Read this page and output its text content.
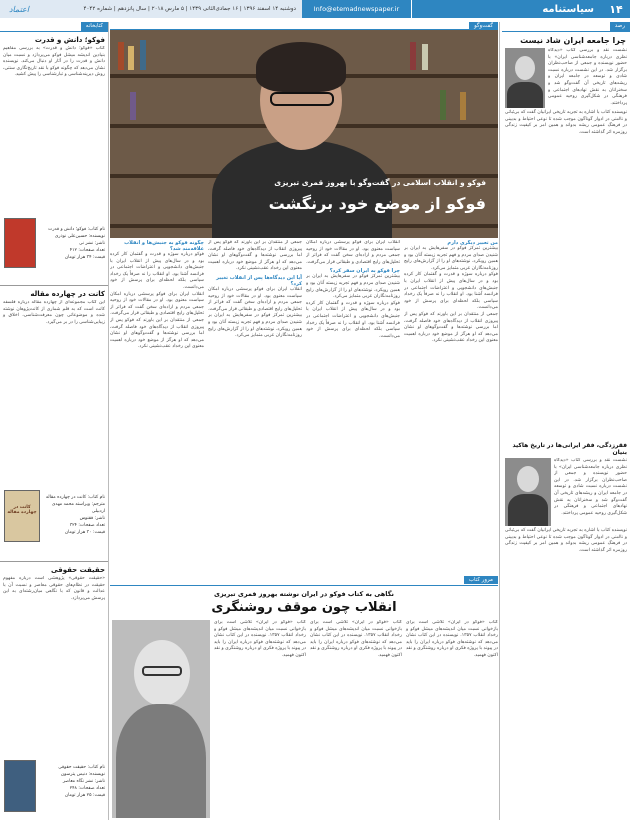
۱۴
سیاستنامه
Info@etemadnewspaper.ir
دوشنبه ۱۴ اسفند ۱۳۹۶ | ۱۶ جمادی‌الثانی ۱۴۳۹ | ۵ مارس ۲۰۱۸ | سال پانزدهم | شماره ۴۰۴۲
اعتماد
رصد
چرا جامعه ایران شاد نیست
نشست نقد و بررسی کتاب «دیدگاه نظری درباره جامعه‌شناسی ایران» با حضور نویسنده و جمعی از صاحب‌نظران برگزار شد. در این نشست درباره نسبت شادی و توسعه در جامعه ایران و ریشه‌های تاریخی آن گفت‌وگو شد و سخنرانان به نقش نهادهای اجتماعی و فرهنگی در شکل‌گیری روحیه عمومی پرداختند.
نویسنده کتاب با اشاره به تجربه تاریخی ایرانیان گفت که بی‌ثباتی و ناامنی در ادوار گوناگون موجب شده تا نوعی احتیاط و بدبینی در فرهنگ عمومی ریشه بدواند و همین امر بر کیفیت زندگی روزمره اثر گذاشته است.
فقرزدگی، فقر ایرانی‌ها در تاریخ هاکید بنیان
نشست نقد و بررسی کتاب «دیدگاه نظری درباره جامعه‌شناسی ایران» با حضور نویسنده و جمعی از صاحب‌نظران برگزار شد. در این نشست درباره نسبت شادی و توسعه در جامعه ایران و ریشه‌های تاریخی آن گفت‌وگو شد و سخنرانان به نقش نهادهای اجتماعی و فرهنگی در شکل‌گیری روحیه عمومی پرداختند.
نویسنده کتاب با اشاره به تجربه تاریخی ایرانیان گفت که بی‌ثباتی و ناامنی در ادوار گوناگون موجب شده تا نوعی احتیاط و بدبینی در فرهنگ عمومی ریشه بدواند و همین امر بر کیفیت زندگی روزمره اثر گذاشته است.
گفت‌وگو
فوکو و انقلاب اسلامی در گفت‌وگو با بهروز قمری تبریزی
فوکو از موضع خود برنگشت
من تعبیر دیگری دارم
بیشترین تمرکز فوکو در سفرهایش به ایران بر شنیدن صدای مردم و فهم تجربه زیسته آنان بود و همین رویکرد، نوشته‌های او را از گزارش‌های رایج روزنامه‌نگاران غربی متمایز می‌کرد.
فوکو درباره سوژه و قدرت و گفتمان کار کرده بود و در سال‌های پیش از انقلاب ایران با جنبش‌های دانشجویی و اعتراضات اجتماعی در فرانسه آشنا بود. او انقلاب را نه صرفاً یک رخداد سیاسی بلکه لحظه‌ای برای پرسش از خود می‌دانست.
جمعی از منتقدان بر این باورند که فوکو پس از پیروزی انقلاب از دیدگاه‌های خود فاصله گرفت، اما بررسی نوشته‌ها و گفت‌وگوهای او نشان می‌دهد که او هرگز از موضع خود درباره اهمیت معنوی این رخداد عقب‌نشینی نکرد.
انقلاب ایران برای فوکو پرسشی درباره امکان سیاست معنوی بود. او در مقالات خود از روحیه جمعی مردم و اراده‌ای سخن گفت که فراتر از تحلیل‌های رایج اقتصادی و طبقاتی قرار می‌گرفت.
چرا فوکو به ایران سفر کرد؟
بیشترین تمرکز فوکو در سفرهایش به ایران بر شنیدن صدای مردم و فهم تجربه زیسته آنان بود و همین رویکرد، نوشته‌های او را از گزارش‌های رایج روزنامه‌نگاران غربی متمایز می‌کرد.
فوکو درباره سوژه و قدرت و گفتمان کار کرده بود و در سال‌های پیش از انقلاب ایران با جنبش‌های دانشجویی و اعتراضات اجتماعی در فرانسه آشنا بود. او انقلاب را نه صرفاً یک رخداد سیاسی بلکه لحظه‌ای برای پرسش از خود می‌دانست.
جمعی از منتقدان بر این باورند که فوکو پس از پیروزی انقلاب از دیدگاه‌های خود فاصله گرفت، اما بررسی نوشته‌ها و گفت‌وگوهای او نشان می‌دهد که او هرگز از موضع خود درباره اهمیت معنوی این رخداد عقب‌نشینی نکرد.
آیا این دیدگاه‌ها پس از انقلاب تغییر کرد؟
انقلاب ایران برای فوکو پرسشی درباره امکان سیاست معنوی بود. او در مقالات خود از روحیه جمعی مردم و اراده‌ای سخن گفت که فراتر از تحلیل‌های رایج اقتصادی و طبقاتی قرار می‌گرفت.
بیشترین تمرکز فوکو در سفرهایش به ایران بر شنیدن صدای مردم و فهم تجربه زیسته آنان بود و همین رویکرد، نوشته‌های او را از گزارش‌های رایج روزنامه‌نگاران غربی متمایز می‌کرد.
چگونه فوکو به جنبش‌ها و انقلاب علاقه‌مند شد؟
فوکو درباره سوژه و قدرت و گفتمان کار کرده بود و در سال‌های پیش از انقلاب ایران با جنبش‌های دانشجویی و اعتراضات اجتماعی در فرانسه آشنا بود. او انقلاب را نه صرفاً یک رخداد سیاسی بلکه لحظه‌ای برای پرسش از خود می‌دانست.
انقلاب ایران برای فوکو پرسشی درباره امکان سیاست معنوی بود. او در مقالات خود از روحیه جمعی مردم و اراده‌ای سخن گفت که فراتر از تحلیل‌های رایج اقتصادی و طبقاتی قرار می‌گرفت.
جمعی از منتقدان بر این باورند که فوکو پس از پیروزی انقلاب از دیدگاه‌های خود فاصله گرفت، اما بررسی نوشته‌ها و گفت‌وگوهای او نشان می‌دهد که او هرگز از موضع خود درباره اهمیت معنوی این رخداد عقب‌نشینی نکرد.
مرور کتاب
نگاهی به کتاب فوکو در ایران نوشته بهروز قمری تبریزی
انقلاب چون موقف روشنگری
کتاب «فوکو در ایران» تلاشی است برای بازخوانی نسبت میان اندیشه‌های میشل فوکو و رخداد انقلاب ۱۳۵۷. نویسنده در این کتاب نشان می‌دهد که نوشته‌های فوکو درباره ایران را باید در پیوند با پروژه فکری او درباره روشنگری و نقد اکنون فهمید.
کتاب «فوکو در ایران» تلاشی است برای بازخوانی نسبت میان اندیشه‌های میشل فوکو و رخداد انقلاب ۱۳۵۷. نویسنده در این کتاب نشان می‌دهد که نوشته‌های فوکو درباره ایران را باید در پیوند با پروژه فکری او درباره روشنگری و نقد اکنون فهمید.
کتاب «فوکو در ایران» تلاشی است برای بازخوانی نسبت میان اندیشه‌های میشل فوکو و رخداد انقلاب ۱۳۵۷. نویسنده در این کتاب نشان می‌دهد که نوشته‌های فوکو درباره ایران را باید در پیوند با پروژه فکری او درباره روشنگری و نقد اکنون فهمید.
کتابخانه
فوکو؛ دانش و قدرت
کتاب «فوکو؛ دانش و قدرت» به بررسی مفاهیم بنیادین اندیشه میشل فوکو می‌پردازد و نسبت میان دانش و قدرت را در آثار او دنبال می‌کند. نویسنده نشان می‌دهد که چگونه فوکو با نقد تاریخ‌نگاری سنتی، روش دیرینه‌شناسی و تبارشناسی را پیش کشید.
نام کتاب: فوکو؛ دانش و قدرت
نویسنده: حسین‌علی نوذری
ناشر: نشر نی
تعداد صفحات: ۴۱۲
قیمت: ۳۴ هزار تومان
کانت در چهارده مقاله
این کتاب مجموعه‌ای از چهارده مقاله درباره فلسفه کانت است که به قلم شماری از کانت‌پژوهان نوشته شده و موضوعاتی چون معرفت‌شناسی، اخلاق و زیبایی‌شناسی را در بر می‌گیرد.
کانت در چهارده مقاله
نام کتاب: کانت در چهارده مقاله
مترجم: ویراسته محمد مهدی اردبیلی
ناشر: ققنوس
تعداد صفحات: ۳۲۴
قیمت: ۳۰ هزار تومان
حقیقت حقوقی
«حقیقت حقوقی» پژوهشی است درباره مفهوم حقیقت در نظام‌های حقوقی معاصر و نسبت آن با عدالت و قانون که با نگاهی میان‌رشته‌ای به این پرسش می‌پردازد.
نام کتاب: حقیقت حقوقی
نویسنده: دنیس پترسون
ناشر: نشر نگاه معاصر
تعداد صفحات: ۲۴۸
قیمت: ۲۵ هزار تومان
